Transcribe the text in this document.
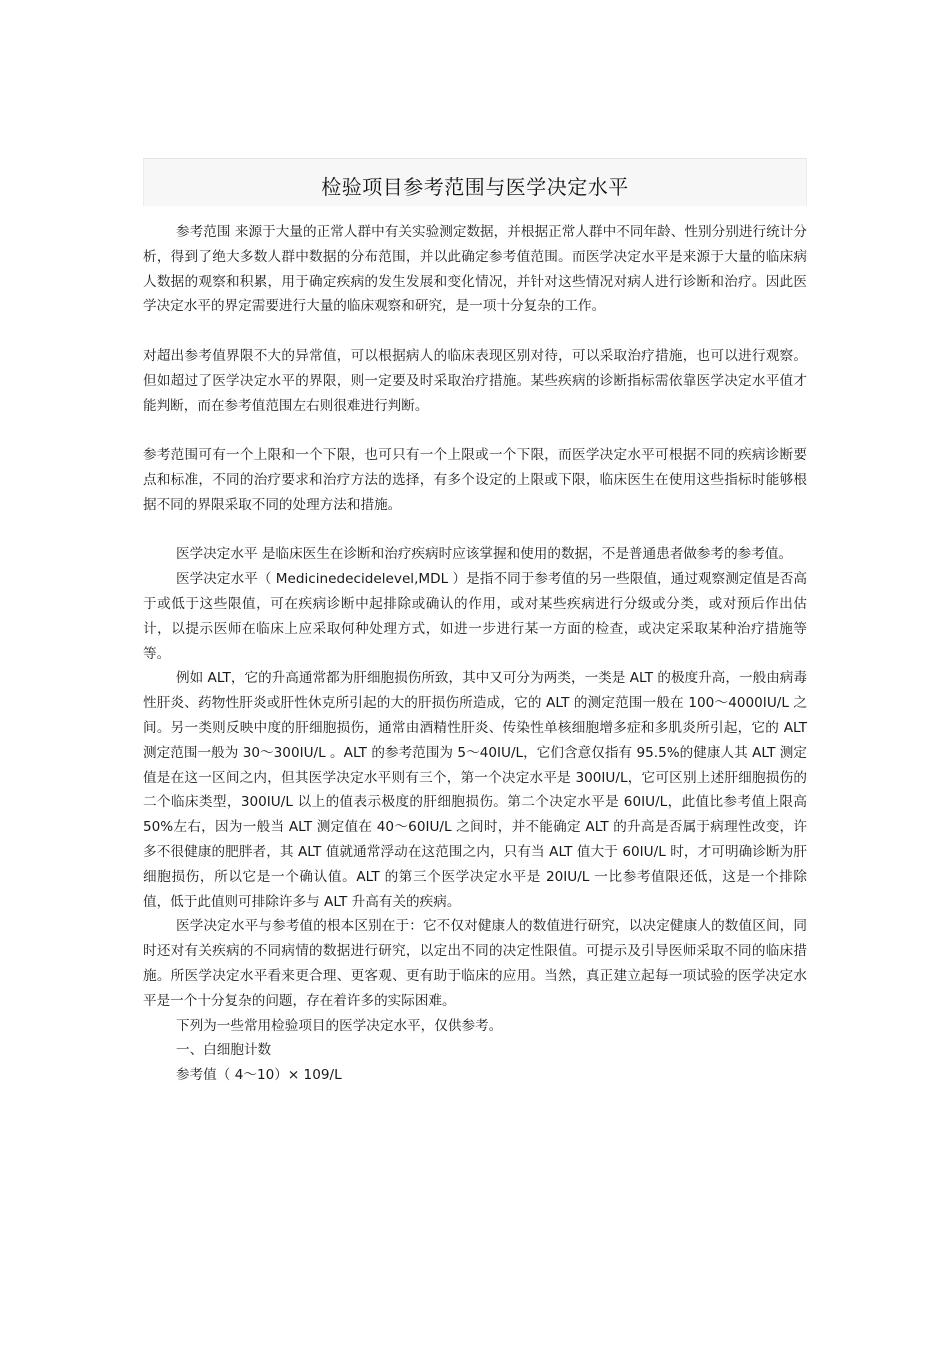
检验项目参考范围与医学决定水平

参考范围 来源于大量的正常人群中有关实验测定数据，并根据正常人群中不同年龄、性别分别进行统计分析，得到了绝大多数人群中数据的分布范围，并以此确定参考值范围。而医学决定水平是来源于大量的临床病人数据的观察和积累，用于确定疾病的发生发展和变化情况，并针对这些情况对病人进行诊断和治疗。因此医学决定水平的界定需要进行大量的临床观察和研究，是一项十分复杂的工作。

对超出参考值界限不大的异常值，可以根据病人的临床表现区别对待，可以采取治疗措施，也可以进行观察。但如超过了医学决定水平的界限，则一定要及时采取治疗措施。某些疾病的诊断指标需依靠医学决定水平值才能判断，而在参考值范围左右则很难进行判断。

参考范围可有一个上限和一个下限，也可只有一个上限或一个下限，而医学决定水平可根据不同的疾病诊断要点和标准，不同的治疗要求和治疗方法的选择，有多个设定的上限或下限，临床医生在使用这些指标时能够根据不同的界限采取不同的处理方法和措施。

医学决定水平 是临床医生在诊断和治疗疾病时应该掌握和使用的数据，不是普通患者做参考的参考值。

医学决定水平（ Medicinedecidelevel,MDL ）是指不同于参考值的另一些限值，通过观察测定值是否高于或低于这些限值，可在疾病诊断中起排除或确认的作用，或对某些疾病进行分级或分类，或对预后作出估计，以提示医师在临床上应采取何种处理方式，如进一步进行某一方面的检查，或决定采取某种治疗措施等等。

例如 ALT，它的升高通常都为肝细胞损伤所致，其中又可分为两类，一类是 ALT 的极度升高，一般由病毒性肝炎、药物性肝炎或肝性休克所引起的大的肝损伤所造成，它的 ALT 的测定范围一般在 100～4000IU/L 之间。另一类则反映中度的肝细胞损伤，通常由酒精性肝炎、传染性单核细胞增多症和多肌炎所引起，它的 ALT 测定范围一般为 30～300IU/L 。ALT 的参考范围为 5～40IU/L，它们含意仅指有 95.5%的健康人其 ALT 测定值是在这一区间之内，但其医学决定水平则有三个，第一个决定水平是 300IU/L，它可区别上述肝细胞损伤的二个临床类型，300IU/L 以上的值表示极度的肝细胞损伤。第二个决定水平是 60IU/L，此值比参考值上限高 50%左右，因为一般当 ALT 测定值在 40～60IU/L 之间时，并不能确定 ALT 的升高是否属于病理性改变，许多不很健康的肥胖者，其 ALT 值就通常浮动在这范围之内，只有当 ALT 值大于 60IU/L 时，才可明确诊断为肝细胞损伤，所以它是一个确认值。ALT 的第三个医学决定水平是 20IU/L 一比参考值限还低，这是一个排除值，低于此值则可排除许多与 ALT 升高有关的疾病。

医学决定水平与参考值的根本区别在于：它不仅对健康人的数值进行研究，以决定健康人的数值区间，同时还对有关疾病的不同病情的数据进行研究，以定出不同的决定性限值。可提示及引导医师采取不同的临床措施。所医学决定水平看来更合理、更客观、更有助于临床的应用。当然，真正建立起每一项试验的医学决定水平是一个十分复杂的问题，存在着许多的实际困难。

下列为一些常用检验项目的医学决定水平，仅供参考。

一、白细胞计数

参考值（ 4～10）× 109/L
